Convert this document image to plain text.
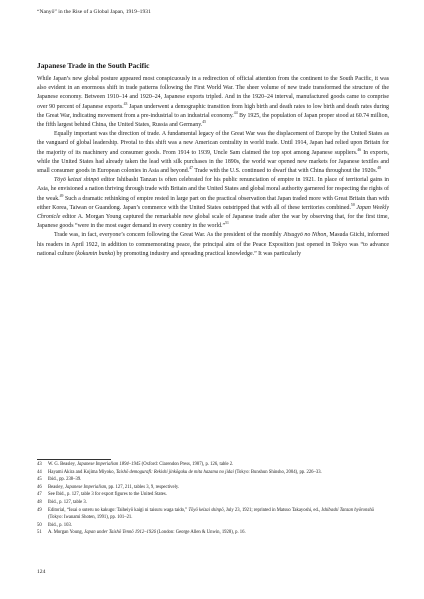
“Nanyō” in the Rise of a Global Japan, 1919–1931
Japanese Trade in the South Pacific

While Japan’s new global posture appeared most conspicuously in a redirection of official attention from the continent to the South Pacific, it was also evident in an enormous shift in trade patterns following the First World War. The sheer volume of new trade transformed the structure of the Japanese economy. Between 1910–14 and 1920–24, Japanese exports tripled. And in the 1920–24 interval, manufactured goods came to comprise over 90 percent of Japanese exports.$^{43}$ Japan underwent a demographic transition from high birth and death rates to low birth and death rates during the Great War, indicating movement from a pre-industrial to an industrial economy.$^{44}$ By 1925, the population of Japan proper stood at 60.74 million, the fifth largest behind China, the United States, Russia and Germany.$^{45}$

Equally important was the direction of trade. A fundamental legacy of the Great War was the displacement of Europe by the United States as the vanguard of global leadership. Pivotal to this shift was a new American centrality in world trade. Until 1914, Japan had relied upon Britain for the majority of its machinery and consumer goods. From 1914 to 1939, Uncle Sam claimed the top spot among Japanese suppliers.$^{46}$ In exports, while the United States had already taken the lead with silk purchases in the 1890s, the world war opened new markets for Japanese textiles and small consumer goods in European colonies in Asia and beyond.$^{47}$ Trade with the U.S. continued to dwarf that with China throughout the 1920s.$^{48}$

Tōyō keizai shinpō editor Ishibashi Tanzan is often celebrated for his public renunciation of empire in 1921. In place of territorial gains in Asia, he envisioned a nation thriving through trade with Britain and the United States and global moral authority garnered for respecting the rights of the weak.$^{49}$ Such a dramatic rethinking of empire rested in large part on the practical observation that Japan traded more with Great Britain than with either Korea, Taiwan or Guandong. Japan’s commerce with the United States outstripped that with all of these territories combined.$^{50}$ Japan Weekly Chronicle editor A. Morgan Young captured the remarkable new global scale of Japanese trade after the war by observing that, for the first time, Japanese goods “were in the most eager demand in every country in the world.”$^{51}$

Trade was, in fact, everyone’s concern following the Great War. As the president of the monthly Jitsugyō no Nihon, Masuda Giichi, informed his readers in April 1922, in addition to commemorating peace, the principal aim of the Peace Exposition just opened in Tokyo was “to advance national culture (kokumin bunka) by promoting industry and spreading practical knowledge.” It was particularly

43	W. G. Beasley, Japanese Imperialism 1894–1945 (Oxford: Clarendon Press, 1987), p. 126, table 2.
44	Hayami Akira and Kojima Miyoko, Taishō demogurafi: Rekishi jinkōgaku de mita hazama no jidai (Tokyo: Bunshun Shinsho, 2004), pp. 226–33.
45	Ibid., pp. 238–39.
46	Beasley, Japanese Imperialism, pp. 127, 211, tables 3, 9, respectively.
47	See Ibid., p. 127, table 3 for export figures to the United States.
48	Ibid., p. 127, table 3.
49	Editorial, “Issai o suteru no kakugo: Taiheiyō kaigi ni taisuru waga taido,” Tōyō keizai shinpō, July 23, 1921; reprinted in Matsuo Takayoshi, ed., Ishibashi Tanzan hyōronshū (Tokyo: Iwanami Shoten, 1991), pp. 101–21.
50	Ibid., p. 103.
51	A. Morgan Young, Japan under Taishō Tennō 1912–1926 (London: George Allen & Unwin, 1928), p. 16.
124
